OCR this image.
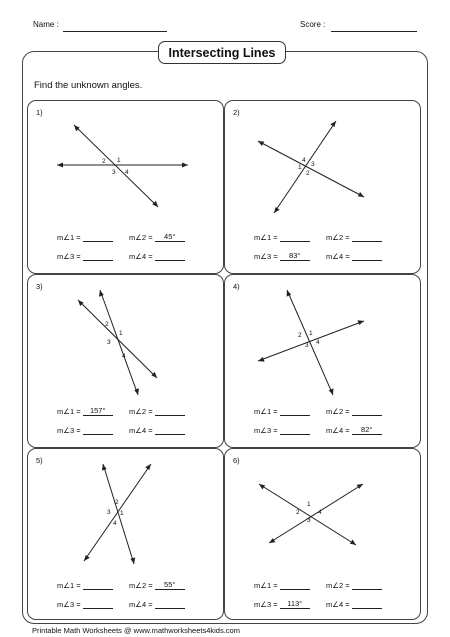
Name :	Score :
Intersecting Lines
Find the unknown angles.
1)
1
2
3 4
m∠1 =	m∠2 = 45°
m∠3 =	m∠4 =
2)
4
1 3
2
m∠1 =	m∠2 =
m∠3 = 83°	m∠4 =
3)
2
1
3
4
m∠1 = 157°	m∠2 =
m∠3 =	m∠4 =
4)
2 1
3 4
m∠1 =	m∠2 =
m∠3 =	m∠4 = 82°
5)
2
3 1
4
m∠1 =	m∠2 = 55°
m∠3 =	m∠4 =
6)
1
2	4
3
m∠1 =	m∠2 =
m∠3 = 113°	m∠4 =
Printable Math Worksheets @ www.mathworksheets4kids.com
